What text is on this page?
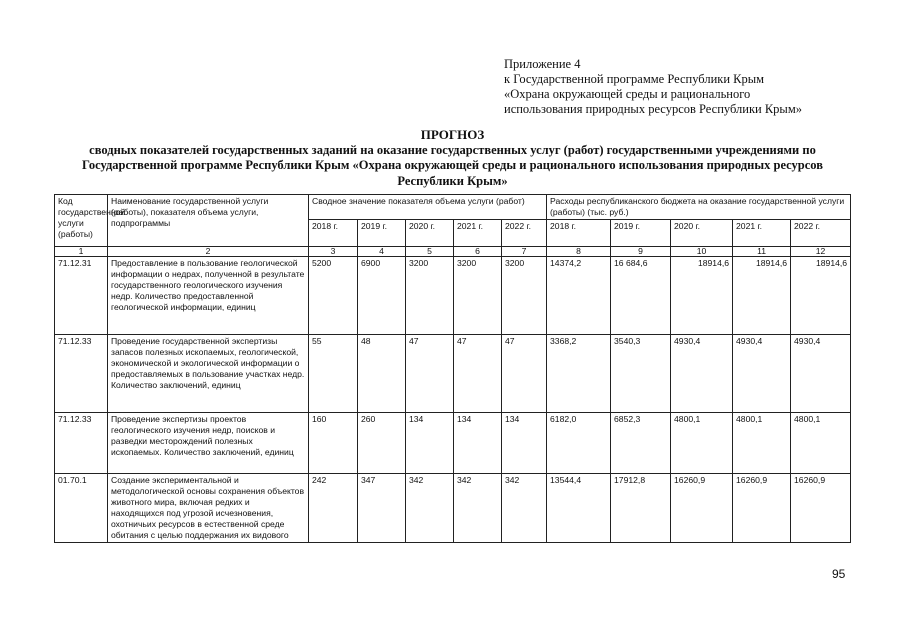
Приложение 4
к Государственной программе Республики Крым
«Охрана окружающей среды и рационального
использования природных ресурсов Республики Крым»
ПРОГНОЗ
сводных показателей государственных заданий на оказание государственных услуг (работ) государственными учреждениями по
Государственной программе Республики Крым «Охрана окружающей среды и рационального использования природных ресурсов
Республики Крым»
Код государственной услуги (работы)	Наименование государственной услуги (работы), показателя объема услуги, подпрограммы	Сводное значение показателя объема услуги (работ)					Расходы республиканского бюджета на оказание государственной услуги (работы) (тыс. руб.)				
		2018 г.	2019 г.	2020 г.	2021 г.	2022 г.	2018 г.	2019 г.	2020 г.	2021 г.	2022 г.
1	2	3	4	5	6	7	8	9	10	11	12
71.12.31	Предоставление в пользование геологической информации о недрах, полученной в результате государственного геологического изучения недр. Количество предоставленной геологической информации, единиц	5200	6900	3200	3200	3200	14374,2	16 684,6	18914,6	18914,6	18914,6
71.12.33	Проведение государственной экспертизы запасов полезных ископаемых, геологической, экономической и экологической информации о предоставляемых в пользование участках недр. Количество заключений, единиц	55	48	47	47	47	3368,2	3540,3	4930,4	4930,4	4930,4
71.12.33	Проведение экспертизы проектов геологического изучения недр, поисков и разведки месторождений полезных ископаемых. Количество заключений, единиц	160	260	134	134	134	6182,0	6852,3	4800,1	4800,1	4800,1
01.70.1	Создание экспериментальной и методологической основы сохранения объектов животного мира, включая редких и находящихся под угрозой исчезновения, охотничьих ресурсов в естественной среде обитания с целью поддержания их видового	242	347	342	342	342	13544,4	17912,8	16260,9	16260,9	16260,9
95
